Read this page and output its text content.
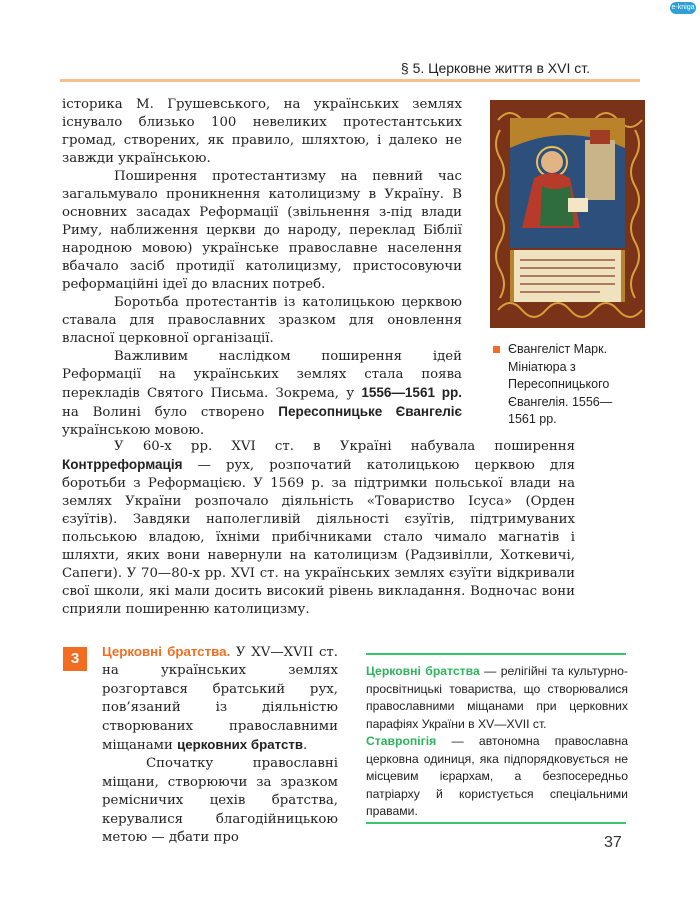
e-kniga
§ 5. Церковне життя в XVI ст.

історика М. Грушевського, на українських землях існувало близько 100 невеликих протестантських громад, створених, як правило, шляхтою, і далеко не завжди українською.

Поширення протестантизму на певний час загальмувало проникнення католицизму в Україну. В основних засадах Реформації (звільнення з-під влади Риму, наближення церкви до народу, переклад Біблії народною мовою) українське православне населення вбачало засіб протидії католицизму, пристосовуючи реформаційні ідеї до власних потреб.

Боротьба протестантів із католицькою церквою ставала для православних зразком для оновлення власної церковної організації.

Важливим наслідком поширення ідей Реформації на українських землях стала поява перекладів Святого Письма. Зокрема, у 1556—1561 рр. на Волині було створено Пересопницьке Євангеліє українською мовою.

Євангеліст Марк. Мініатюра з Пересопницького Євангелія. 1556—1561 рр.

У 60-х рр. XVI ст. в Україні набувала поширення Контрреформація — рух, розпочатий католицькою церквою для боротьби з Реформацією. У 1569 р. за підтримки польської влади на землях України розпочало діяльність «Товариство Ісуса» (Орден єзуїтів). Завдяки наполегливій діяльності єзуїтів, підтримуваних польською владою, їхніми прибічниками стало чимало магнатів і шляхти, яких вони навернули на католицизм (Радзивілли, Хоткевичі, Сапеги). У 70—80-х рр. XVI ст. на українських землях єзуїти відкривали свої школи, які мали досить високий рівень викладання. Водночас вони сприяли поширенню католицизму.

3	Церковні братства. У XV—XVII ст. на українських землях розгортався братський рух, пов’язаний із діяльністю створюваних православними міщанами церковних братств.

Спочатку православні міщани, створюючи за зразком ремісничих цехів братства, керувалися благодійницькою метою — дбати про

Церковні братства — релігійні та культурно-просвітницькі товариства, що створювалися православними міщанами при церковних парафіях України в XV—XVII ст.

Ставропігія — автономна православна церковна одиниця, яка підпорядковується не місцевим ієрархам, а безпосередньо патріарху й користується спеціальними правами.

37
